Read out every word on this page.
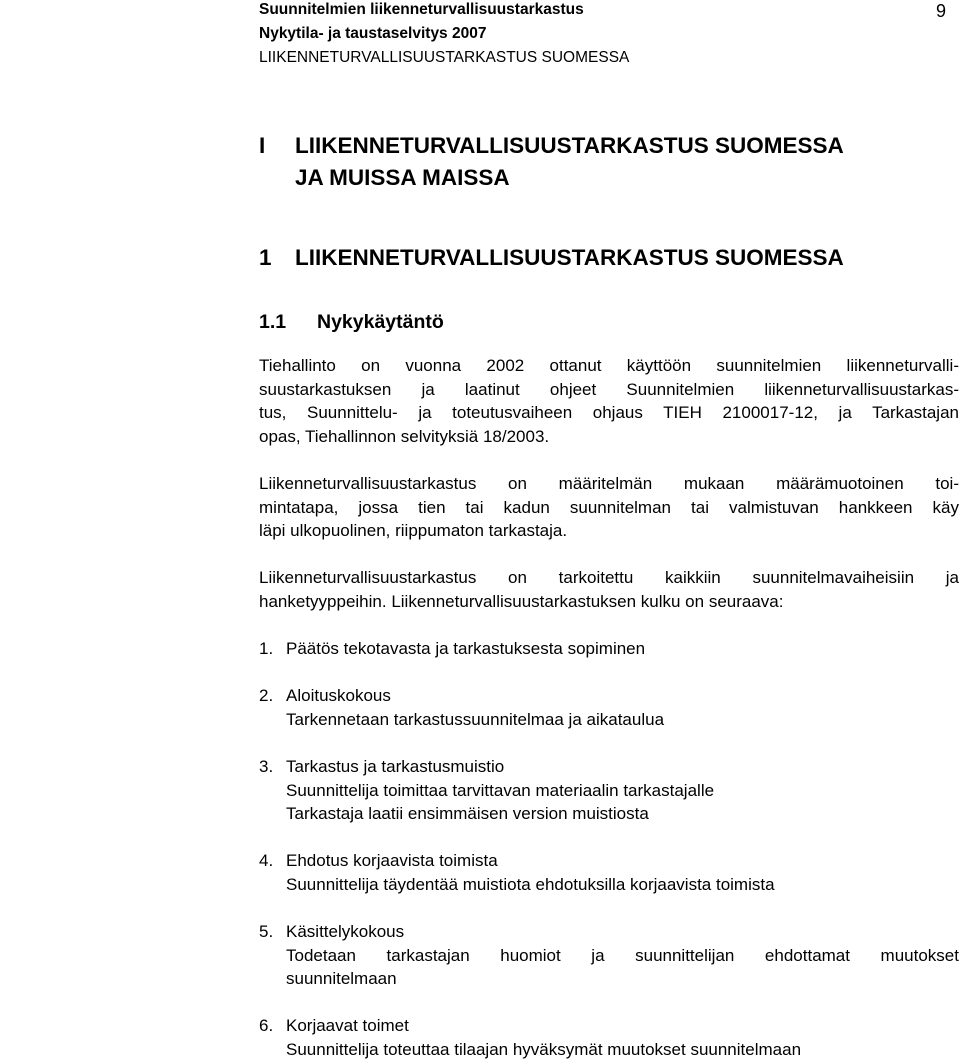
Suunnitelmien liikenneturvallisuustarkastus
Nykytila- ja taustaselvitys 2007
LIIKENNETURVALLISUUSTARKASTUS SUOMESSA
9
I LIIKENNETURVALLISUUSTARKASTUS SUOMESSA
JA MUISSA MAISSA
1 LIIKENNETURVALLISUUSTARKASTUS SUOMESSA
1.1 Nykykäytäntö
Tiehallinto on vuonna 2002 ottanut käyttöön suunnitelmien liikenneturvalli-
suustarkastuksen ja laatinut ohjeet Suunnitelmien liikenneturvallisuustarkas-
tus, Suunnittelu- ja toteutusvaiheen ohjaus TIEH 2100017-12, ja Tarkastajan
opas, Tiehallinnon selvityksiä 18/2003.
Liikenneturvallisuustarkastus on määritelmän mukaan määrämuotoinen toi-
mintatapa, jossa tien tai kadun suunnitelman tai valmistuvan hankkeen käy
läpi ulkopuolinen, riippumaton tarkastaja.
Liikenneturvallisuustarkastus on tarkoitettu kaikkiin suunnitelmavaiheisiin ja
hanketyyppeihin. Liikenneturvallisuustarkastuksen kulku on seuraava:
1. Päätös tekotavasta ja tarkastuksesta sopiminen
2. Aloituskokous
Tarkennetaan tarkastussuunnitelmaa ja aikataulua
3. Tarkastus ja tarkastusmuistio
Suunnittelija toimittaa tarvittavan materiaalin tarkastajalle
Tarkastaja laatii ensimmäisen version muistiosta
4. Ehdotus korjaavista toimista
Suunnittelija täydentää muistiota ehdotuksilla korjaavista toimista
5. Käsittelykokous
Todetaan tarkastajan huomiot ja suunnittelijan ehdottamat muutokset
suunnitelmaan
6. Korjaavat toimet
Suunnittelija toteuttaa tilaajan hyväksymät muutokset suunnitelmaan
